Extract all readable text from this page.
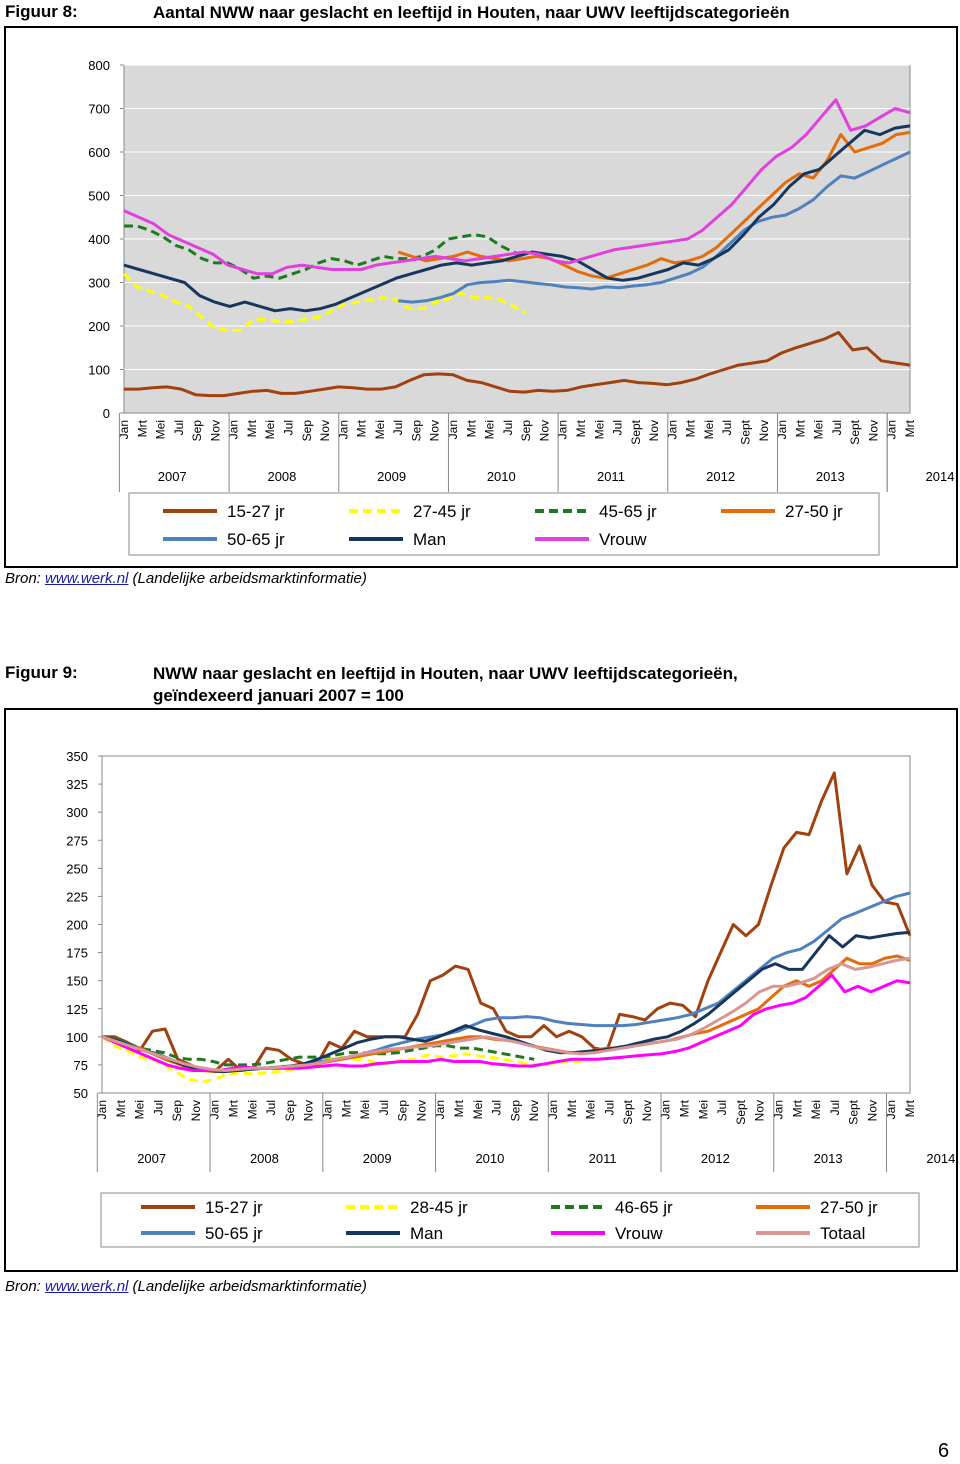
Figuur 8:	Aantal NWW naar geslacht en leeftijd in Houten, naar UWV leeftijdscategorieën
0
100
200
300
400
500
600
700
800
Jan Mrt Mei Jul Sep Nov Jan Mrt Mei Jul Sep Nov Jan Mrt Mei Jul Sep Nov Jan Mrt Mei Jul Sep Nov Jan Mrt Mei Jul Sept Nov Jan Mrt Mei Jul Sept Nov Jan Mrt Mei Jul Sept Nov Jan Mrt
2007	2008	2009	2010	2011	2012	2013	2014
15-27 jr	27-45 jr	45-65 jr	27-50 jr
50-65 jr	Man	Vrouw
Bron: www.werk.nl (Landelijke arbeidsmarktinformatie)
Figuur 9:	NWW naar geslacht en leeftijd in Houten, naar UWV leeftijdscategorieën,
geïndexeerd januari 2007 = 100
50
75
100
125
150
175
200
225
250
275
300
325
350
Jan Mrt Mei Jul Sep Nov Jan Mrt Mei Jul Sep Nov Jan Mrt Mei Jul Sep Nov Jan Mrt Mei Jul Sep Nov Jan Mrt Mei Jul Sept Nov Jan Mrt Mei Jul Sept Nov Jan Mrt Mei Jul Sept Nov Jan Mrt
2007	2008	2009	2010	2011	2012	2013	2014
15-27 jr	28-45 jr	46-65 jr	27-50 jr
50-65 jr	Man	Vrouw	Totaal
Bron: www.werk.nl (Landelijke arbeidsmarktinformatie)
6
